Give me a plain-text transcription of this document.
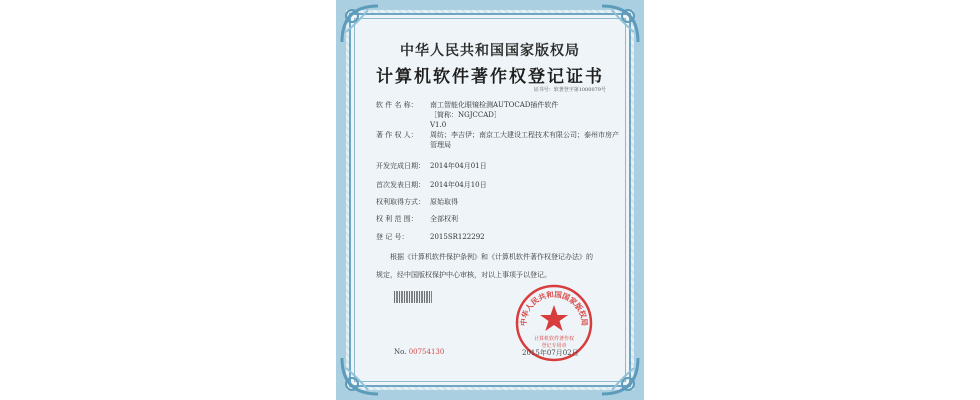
中华人民共和国国家版权局
计算机软件著作权登记证书
证书号：软著登字第1000079号
软 件 名 称： 南工智能化眼镜检测AUTOCAD插件软件
［简称：NGJCCAD］
V1.0
著 作 权 人： 周纺；李吉伊；南京工大建设工程技术有限公司；泰州市房产管理局
开发完成日期： 2014年04月01日
首次发表日期： 2014年04月10日
权利取得方式： 原始取得
权 利 范 围： 全部权利
登 记 号：	2015SR122292
根据《计算机软件保护条例》和《计算机软件著作权登记办法》的
规定，经中国版权保护中心审核，对以上事项予以登记。
中华人民共和国国家版权局
计算机软件著作权
登记专用章
No. 00754130	2015年07月02日
